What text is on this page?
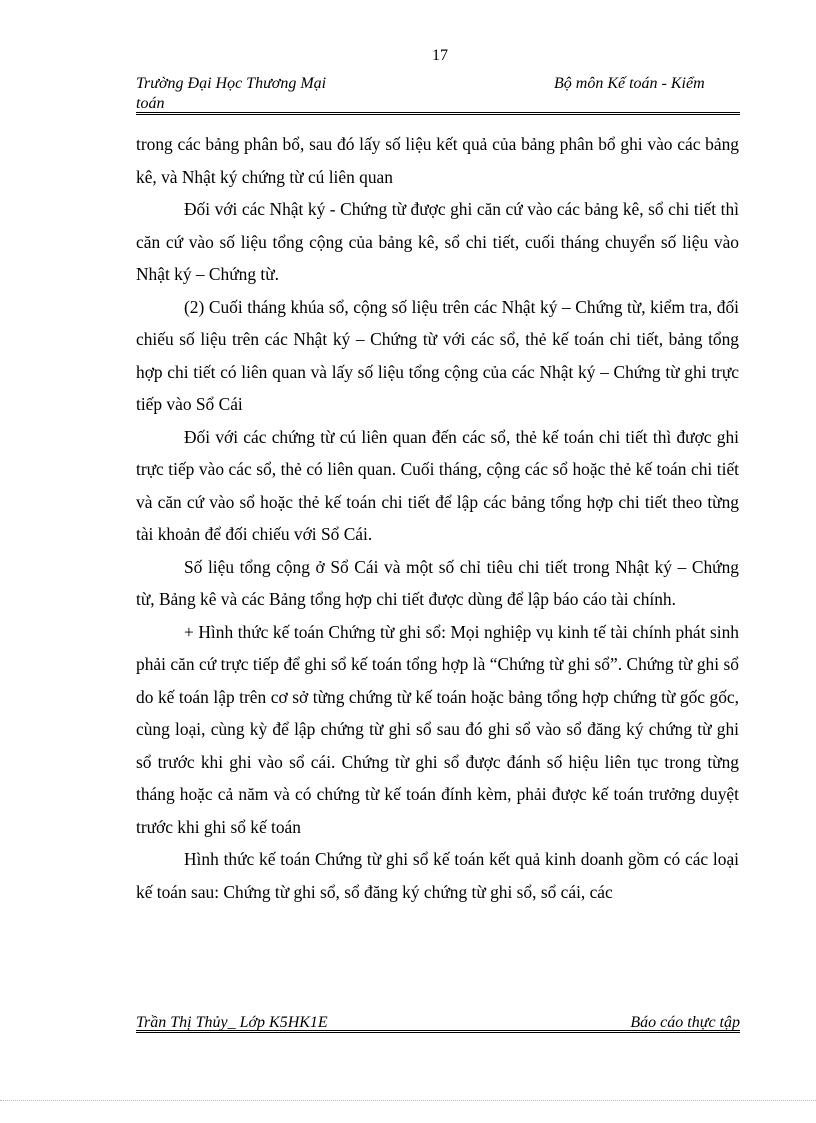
17
Trường Đại Học Thương Mại	Bộ môn Kế toán - Kiểm
toán

trong các bảng phân bổ, sau đó lấy số liệu kết quả của bảng phân bổ ghi vào các bảng kê, và Nhật ký chứng từ cú liên quan

Đối với các Nhật ký - Chứng từ được ghi căn cứ vào các bảng kê, sổ chi tiết thì căn cứ vào số liệu tổng cộng của bảng kê, sổ chi tiết, cuối tháng chuyển số liệu vào Nhật ký – Chứng từ.

(2) Cuối tháng khúa sổ, cộng số liệu trên các Nhật ký – Chứng từ, kiểm tra, đối chiếu số liệu trên các Nhật ký – Chứng từ với các sổ, thẻ kế toán chi tiết, bảng tổng hợp chi tiết có liên quan và lấy số liệu tổng cộng của các Nhật ký – Chứng từ ghi trực tiếp vào Sổ Cái

Đối với các chứng từ cú liên quan đến các sổ, thẻ kế toán chi tiết thì được ghi trực tiếp vào các sổ, thẻ có liên quan. Cuối tháng, cộng các sổ hoặc thẻ kế toán chi tiết và căn cứ vào sổ hoặc thẻ kế toán chi tiết để lập các bảng tổng hợp chi tiết theo từng tài khoản để đối chiếu với Sổ Cái.

Số liệu tổng cộng ở Sổ Cái và một số chỉ tiêu chi tiết trong Nhật ký – Chứng từ, Bảng kê và các Bảng tổng hợp chi tiết được dùng để lập báo cáo tài chính.

+ Hình thức kế toán Chứng từ ghi sổ: Mọi nghiệp vụ kinh tế tài chính phát sinh phải căn cứ trực tiếp để ghi sổ kế toán tổng hợp là “Chứng từ ghi sổ”. Chứng từ ghi sổ do kế toán lập trên cơ sở từng chứng từ kế toán hoặc bảng tổng hợp chứng từ gốc gốc, cùng loại, cùng kỳ để lập chứng từ ghi sổ sau đó ghi sổ vào sổ đăng ký chứng từ ghi sổ trước khi ghi vào sổ cái. Chứng từ ghi sổ được đánh số hiệu liên tục trong từng tháng hoặc cả năm và có chứng từ kế toán đính kèm, phải được kế toán trưởng duyệt trước khi ghi sổ kế toán

Hình thức kế toán Chứng từ ghi sổ kế toán kết quả kinh doanh gồm có các loại kế toán sau: Chứng từ ghi sổ, sổ đăng ký chứng từ ghi sổ, sổ cái, các

Trần Thị Thủy_ Lớp K5HK1E	Báo cáo thực tập
